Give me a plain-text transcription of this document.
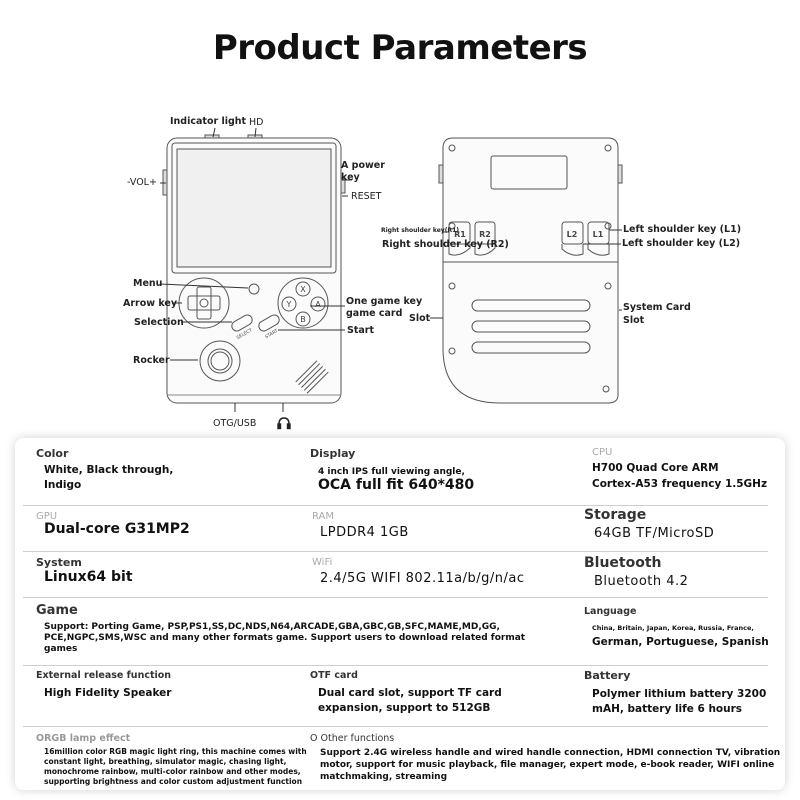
Product Parameters
X
B
Y	A
R1 R2	L2 L1
SELECT START
Indicator light HD
-VOL+
A power
key
RESET
Menu
Arrow key
Selection
One game key
game card
Start
Slot
Rocker
OTG/USB
Right shoulder key(R1)
Right shoulder key (R2)
Left shoulder key (L1)
Left shoulder key (L2)
System Card
Slot
Color
White, Black through,
Indigo
Display
4 inch IPS full viewing angle,
OCA full fit 640*480
CPU
H700 Quad Core ARM
Cortex-A53 frequency 1.5GHz
GPU
Dual-core G31MP2
RAM
LPDDR4 1GB
Storage
64GB TF/MicroSD
System
Linux64 bit
WiFi
2.4/5G WIFI 802.11a/b/g/n/ac
Bluetooth
Bluetooth 4.2
Game
Support: Porting Game, PSP,PS1,SS,DC,NDS,N64,ARCADE,GBA,GBC,GB,SFC,MAME,MD,GG,
PCE,NGPC,SMS,WSC and many other formats game. Support users to download related format
games
Language
China, Britain, Japan, Korea, Russia, France,
German, Portuguese, Spanish
External release function
High Fidelity Speaker
OTF card
Dual card slot, support TF card
expansion, support to 512GB
Battery
Polymer lithium battery 3200
mAH, battery life 6 hours
ORGB lamp effect
16million color RGB magic light ring, this machine comes with
constant light, breathing, simulator magic, chasing light,
monochrome rainbow, multi-color rainbow and other modes,
supporting brightness and color custom adjustment function
O Other functions
Support 2.4G wireless handle and wired handle connection, HDMI connection TV, vibration
motor, support for music playback, file manager, expert mode, e-book reader, WIFI online
matchmaking, streaming
